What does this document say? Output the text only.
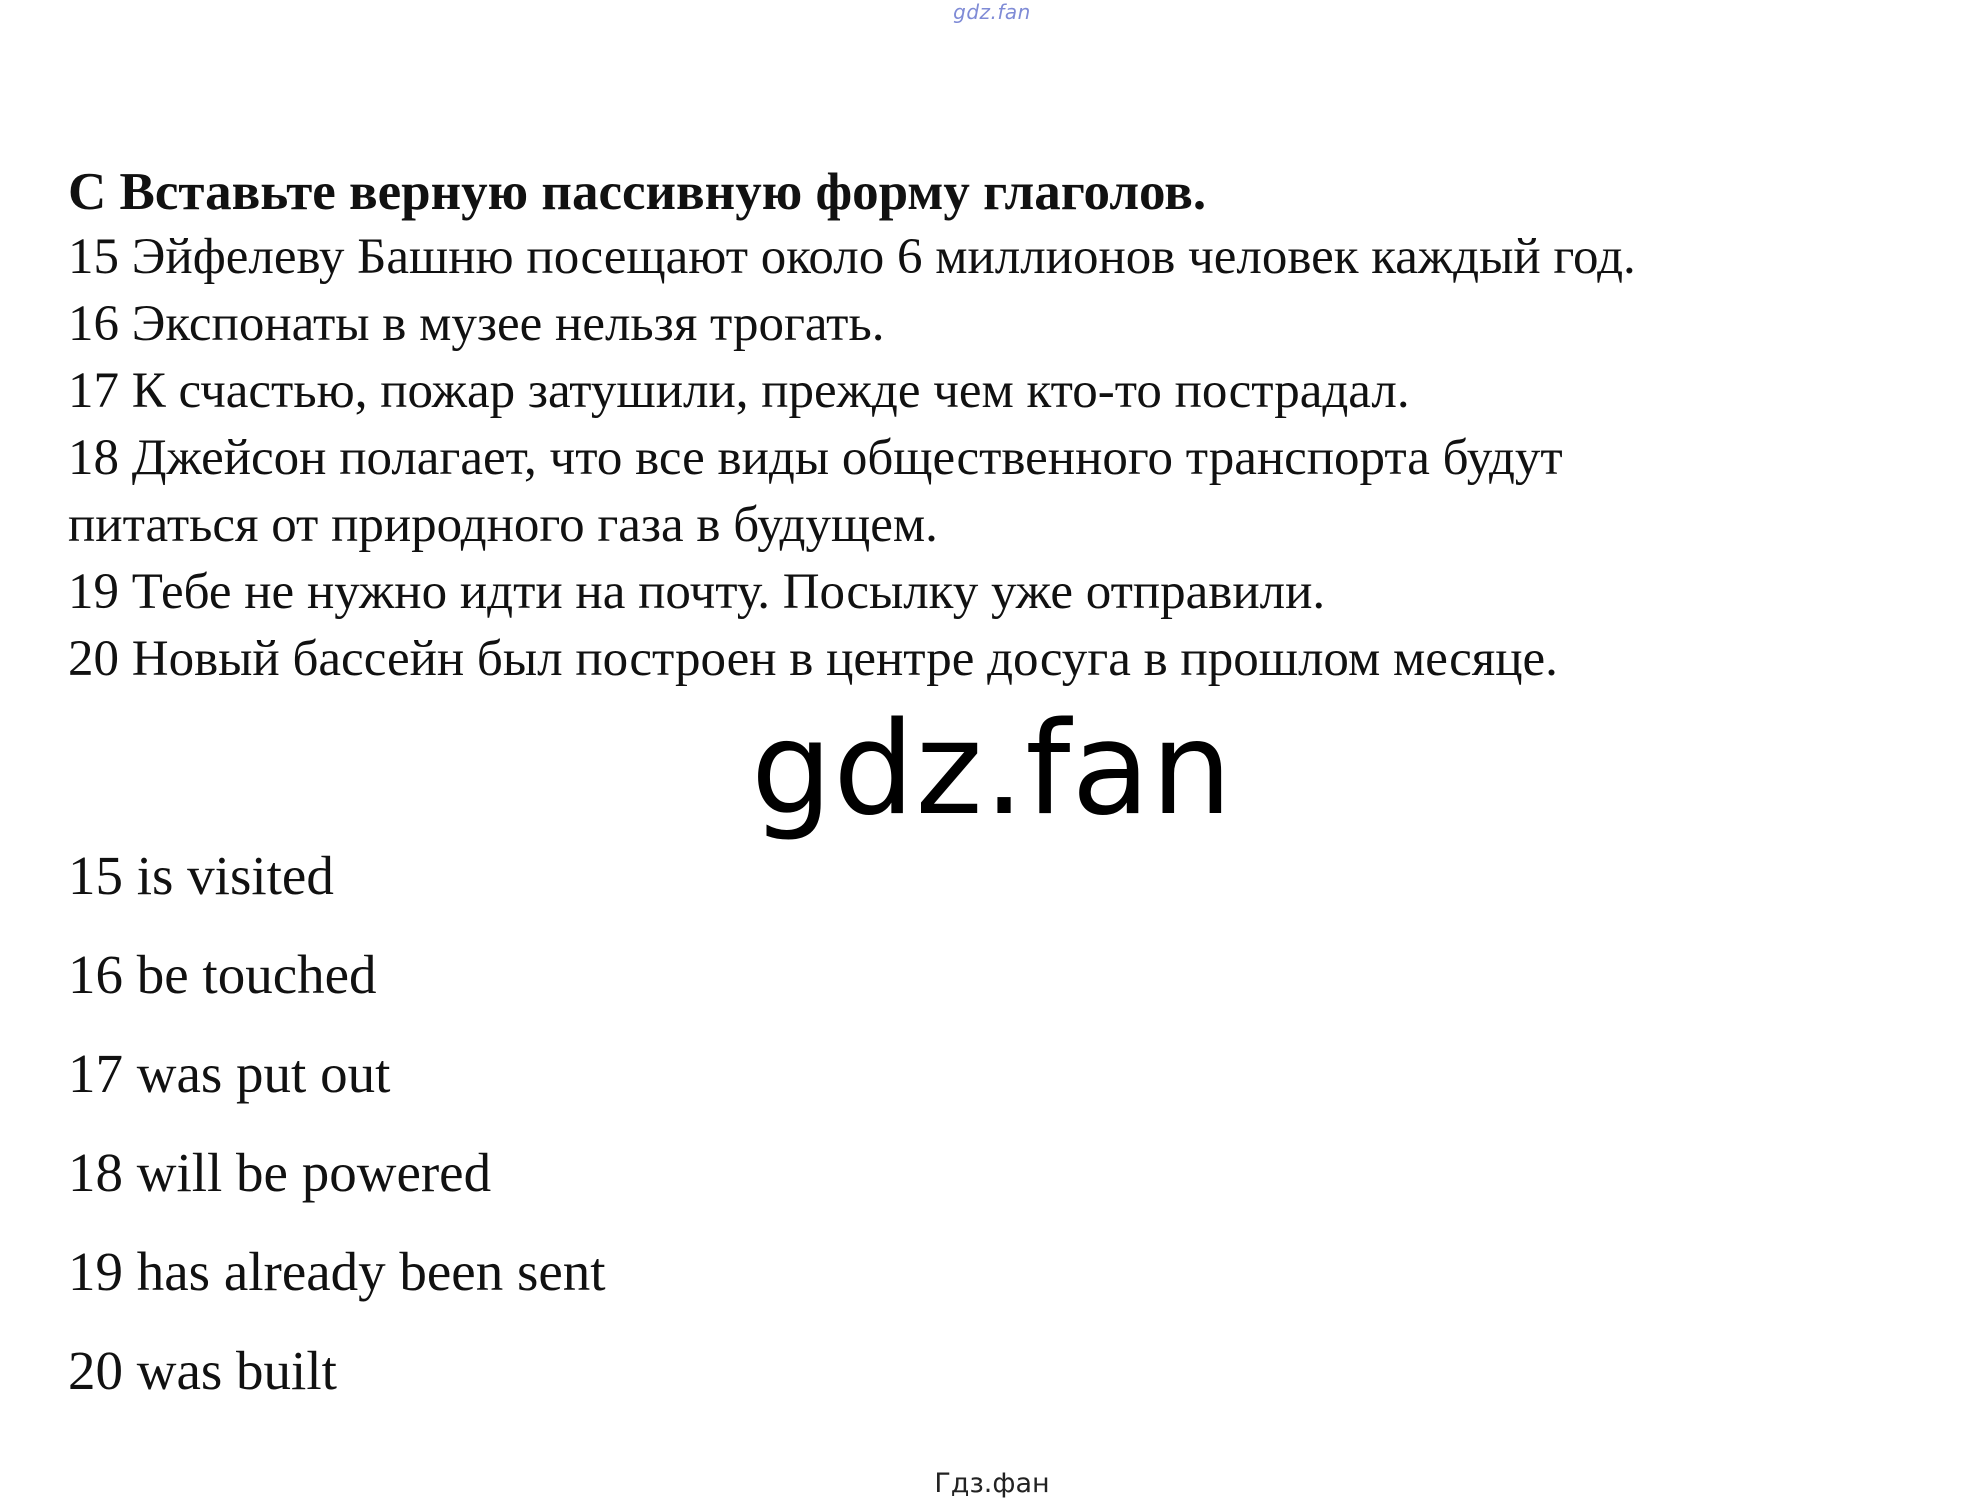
gdz.fan

С Вставьте верную пассивную форму глаголов.

15 Эйфелеву Башню посещают около 6 миллионов человек каждый год.
16 Экспонаты в музее нельзя трогать.
17 К счастью, пожар затушили, прежде чем кто-то пострадал.
18 Джейсон полагает, что все виды общественного транспорта будут
питаться от природного газа в будущем.
19 Тебе не нужно идти на почту. Посылку уже отправили.
20 Новый бассейн был построен в центре досуга в прошлом месяце.
gdz.fan
15 is visited
16 be touched
17 was put out
18 will be powered
19 has already been sent
20 was built
Гдз.фан
